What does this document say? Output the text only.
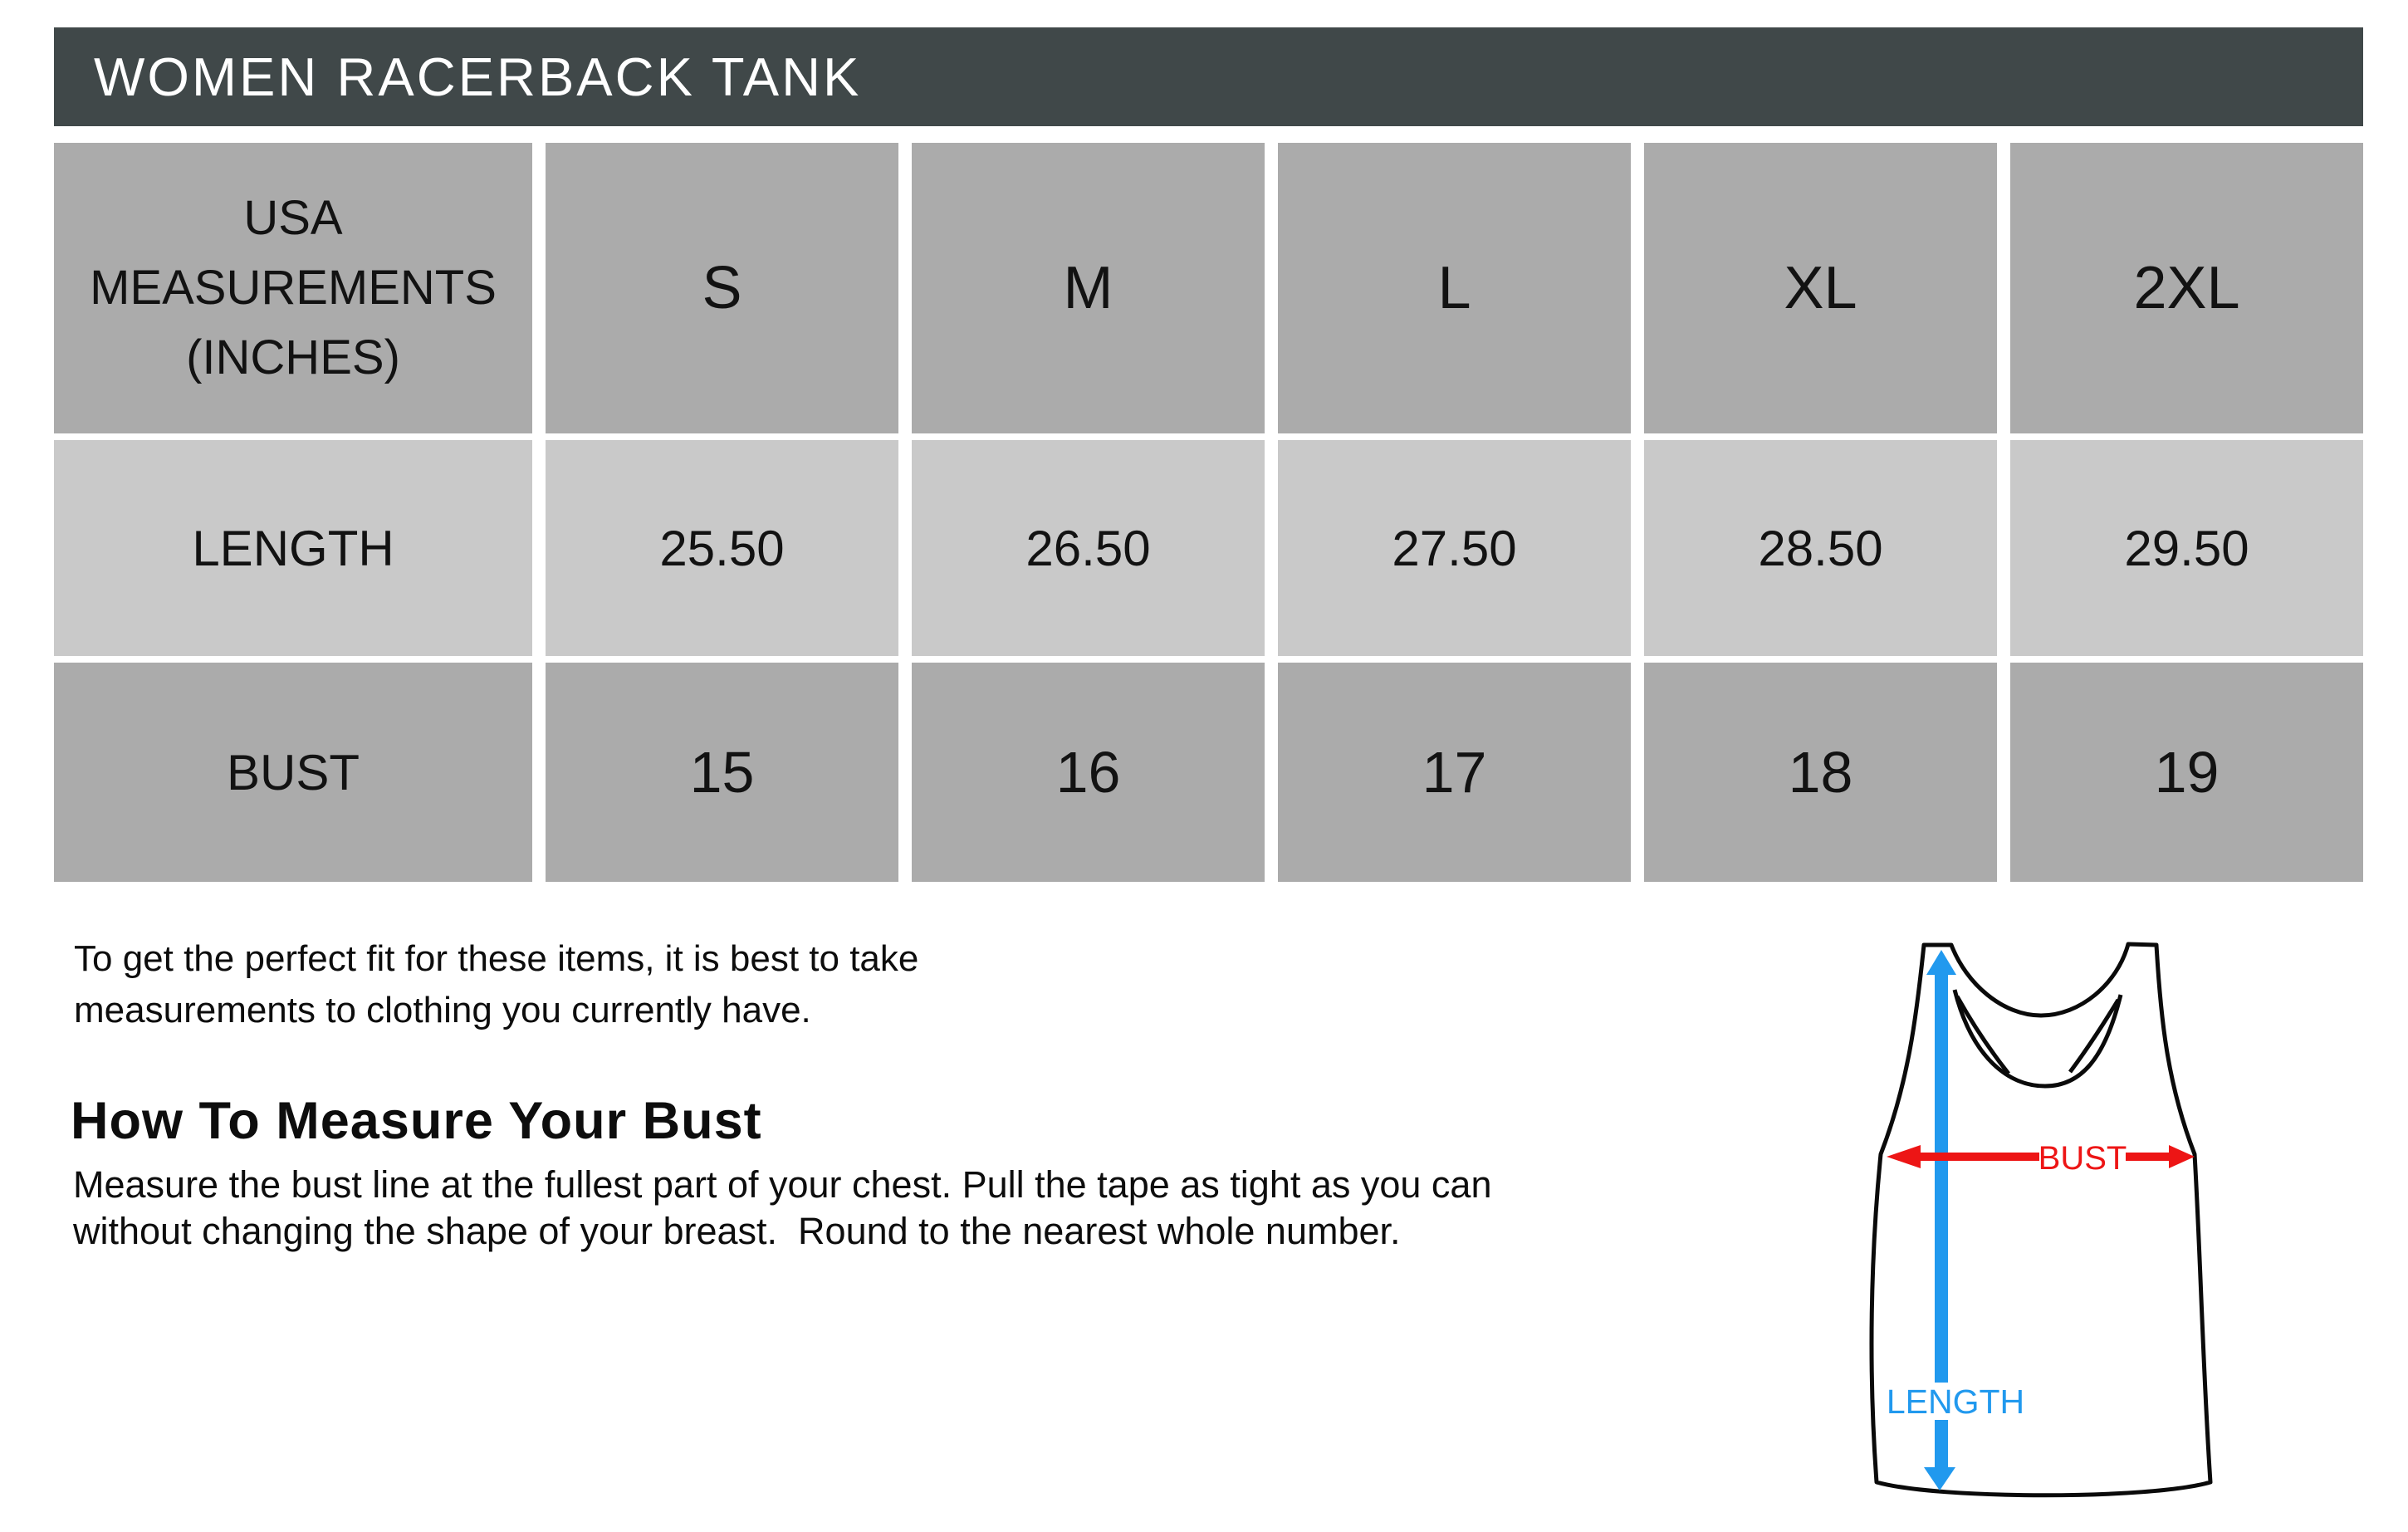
WOMEN RACERBACK TANK
USA
MEASUREMENTS
(INCHES)
S	M	L	XL	2XL
LENGTH	25.50	26.50	27.50	28.50	29.50
BUST	15	16	17	18	19
To get the perfect fit for these items, it is best to take
measurements to clothing you currently have.
How To Measure Your Bust
Measure the bust line at the fullest part of your chest. Pull the tape as tight as you can
without changing the shape of your breast.  Round to the nearest whole number.
LENGTH
BUST
